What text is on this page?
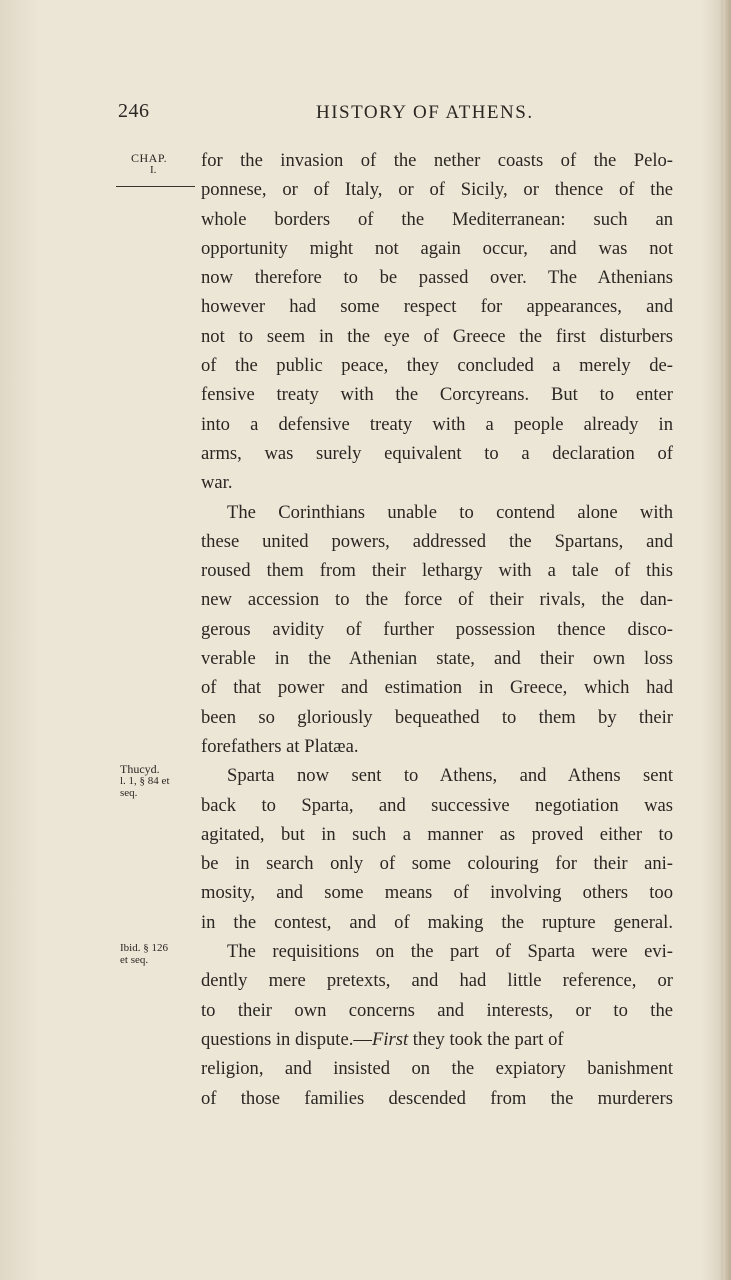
246	HISTORY OF ATHENS.
CHAP.
I.
Thucyd.
l. 1, § 84 et
seq.
Ibid. § 126
et seq.
for the invasion of the nether coasts of the Pelo-
ponnese, or of Italy, or of Sicily, or thence of the
whole borders of the Mediterranean: such an
opportunity might not again occur, and was not
now therefore to be passed over. The Athenians
however had some respect for appearances, and
not to seem in the eye of Greece the first disturbers
of the public peace, they concluded a merely de-
fensive treaty with the Corcyreans. But to enter
into a defensive treaty with a people already in
arms, was surely equivalent to a declaration of
war.
The Corinthians unable to contend alone with
these united powers, addressed the Spartans, and
roused them from their lethargy with a tale of this
new accession to the force of their rivals, the dan-
gerous avidity of further possession thence disco-
verable in the Athenian state, and their own loss
of that power and estimation in Greece, which had
been so gloriously bequeathed to them by their
forefathers at Platæa.
Sparta now sent to Athens, and Athens sent
back to Sparta, and successive negotiation was
agitated, but in such a manner as proved either to
be in search only of some colouring for their ani-
mosity, and some means of involving others too
in the contest, and of making the rupture general.
The requisitions on the part of Sparta were evi-
dently mere pretexts, and had little reference, or
to their own concerns and interests, or to the
questions in dispute.—First they took the part of
religion, and insisted on the expiatory banishment
of those families descended from the murderers
